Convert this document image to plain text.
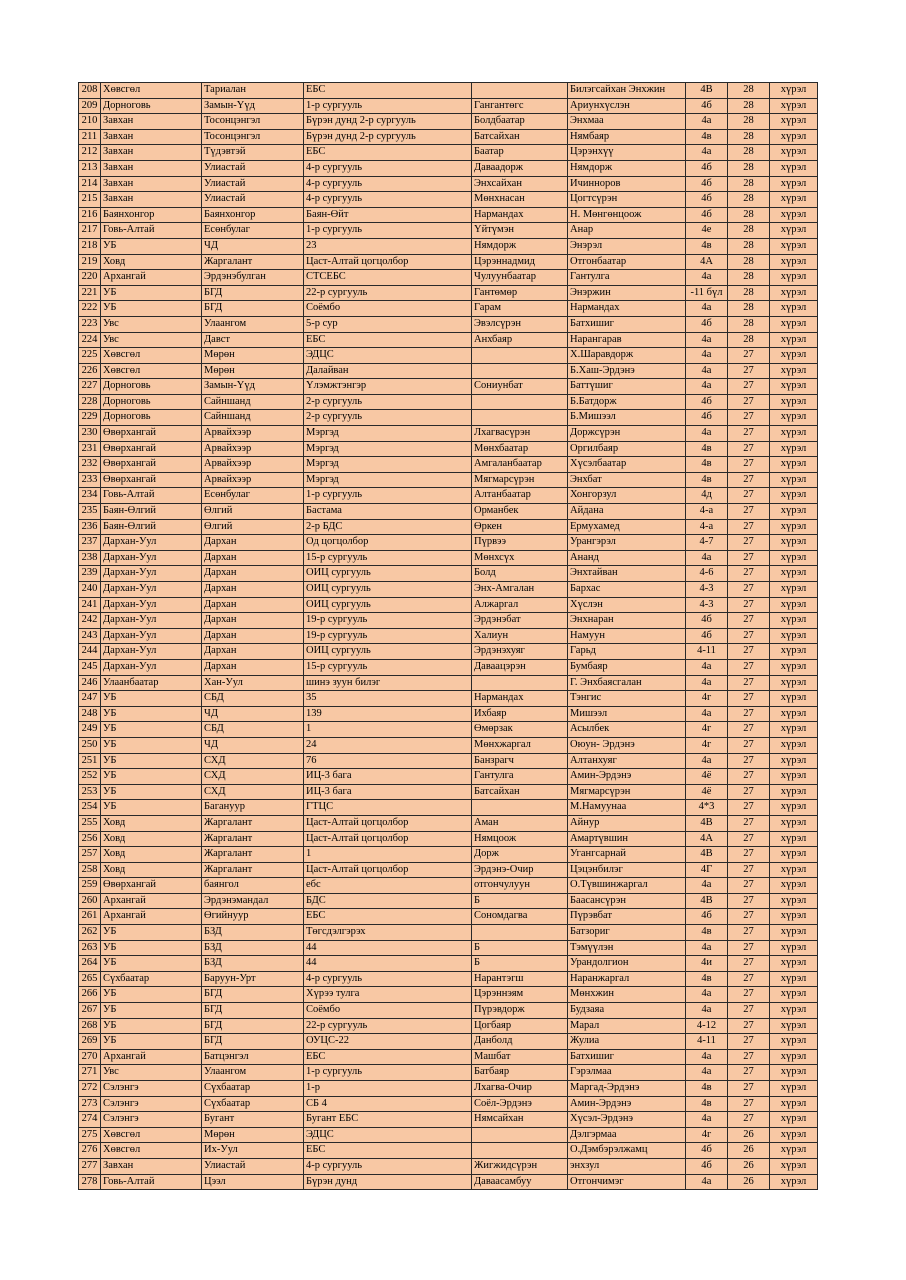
208	Хөвсгөл	Тариалан	ЕБС		Билэгсайхан Энхжин	4В	28	хүрэл
209	Дорноговь	Замын-Үүд	1-р сургууль	Гангантөгс	Ариунхүслэн	4б	28	хүрэл
210	Завхан	Тосонцэнгэл	Бүрэн дунд 2-р сургууль	Болдбаатар	Энхмаа	4а	28	хүрэл
211	Завхан	Тосонцэнгэл	Бүрэн дунд 2-р сургууль	Батсайхан	Нямбаяр	4в	28	хүрэл
212	Завхан	Түдэвтэй	ЕБС	Баатар	Цэрэнхүү	4а	28	хүрэл
213	Завхан	Улиастай	4-р сургууль	Даваадорж	Нямдорж	4б	28	хүрэл
214	Завхан	Улиастай	4-р сургууль	Энхсайхан	Ичинноров	4б	28	хүрэл
215	Завхан	Улиастай	4-р сургууль	Мөнхнасан	Цогтсүрэн	4б	28	хүрэл
216	Баянхонгор	Баянхонгор	Баян-Өйт	Нармандах	Н. Мөнгөнцоож	4б	28	хүрэл
217	Говь-Алтай	Есөнбулаг	1-р сургууль	Үйтүмэн	Анар	4е	28	хүрэл
218	УБ	ЧД	23	Нямдорж	Энэрэл	4в	28	хүрэл
219	Ховд	Жаргалант	Цаст-Алтай цогцолбор	Цэрэннадмид	Отгонбаатар	4А	28	хүрэл
220	Архангай	Эрдэнэбулган	СТСЕБС	Чулуунбаатар	Гантулга	4а	28	хүрэл
221	УБ	БГД	22-р сургууль	Гантөмөр	Энэржин	-11 бүл	28	хүрэл
222	УБ	БГД	Соёмбо	Гарам	Нармандах	4а	28	хүрэл
223	Увс	Улаангом	5-р сур	Эвэлсүрэн	Батхишиг	4б	28	хүрэл
224	Увс	Давст	ЕБС	Анхбаяр	Нарангарав	4а	28	хүрэл
225	Хөвсгөл	Мөрөн	ЭДЦС		Х.Шаравдорж	4а	27	хүрэл
226	Хөвсгөл	Мөрөн	Далайван		Б.Хаш-Эрдэнэ	4а	27	хүрэл
227	Дорноговь	Замын-Үүд	Үлэмжтэнгэр	Сониунбат	Баттүшиг	4а	27	хүрэл
228	Дорноговь	Сайншанд	2-р сургууль		Б.Батдорж	4б	27	хүрэл
229	Дорноговь	Сайншанд	2-р сургууль		Б.Мишээл	4б	27	хүрэл
230	Өвөрхангай	Арвайхээр	Мэргэд	Лхагвасүрэн	Доржсүрэн	4а	27	хүрэл
231	Өвөрхангай	Арвайхээр	Мэргэд	Мөнхбаатар	Оргилбаяр	4в	27	хүрэл
232	Өвөрхангай	Арвайхээр	Мэргэд	Амгаланбаатар	Хүсэлбаатар	4в	27	хүрэл
233	Өвөрхангай	Арвайхээр	Мэргэд	Мягмарсүрэн	Энхбат	4в	27	хүрэл
234	Говь-Алтай	Есөнбулаг	1-р сургууль	Алтанбаатар	Хонгорзул	4д	27	хүрэл
235	Баян-Өлгий	Өлгий	Бастама	Орманбек	Айдана	4-а	27	хүрэл
236	Баян-Өлгий	Өлгий	2-р БДС	Өркен	Ермухамед	4-а	27	хүрэл
237	Дархан-Уул	Дархан	Од цогцолбор	Пүрвээ	Урангэрэл	4-7	27	хүрэл
238	Дархан-Уул	Дархан	15-р сургууль	Мөнхсүх	Ананд	4а	27	хүрэл
239	Дархан-Уул	Дархан	ОИЦ сургууль	Болд	Энхтайван	4-6	27	хүрэл
240	Дархан-Уул	Дархан	ОИЦ сургууль	Энх-Амгалан	Бархас	4-3	27	хүрэл
241	Дархан-Уул	Дархан	ОИЦ сургууль	Алжаргал	Хүслэн	4-3	27	хүрэл
242	Дархан-Уул	Дархан	19-р сургууль	Эрдэнэбат	Энхнаран	4б	27	хүрэл
243	Дархан-Уул	Дархан	19-р сургууль	Халиун	Намуун	4б	27	хүрэл
244	Дархан-Уул	Дархан	ОИЦ сургууль	Эрдэнэхуяг	Гарьд	4-11	27	хүрэл
245	Дархан-Уул	Дархан	15-р сургууль	Даваацэрэн	Бумбаяр	4а	27	хүрэл
246	Улаанбаатар	Хан-Уул	шинэ зуун билэг		Г. Энхбаясгалан	4а	27	хүрэл
247	УБ	СБД	35	Нармандах	Тэнгис	4г	27	хүрэл
248	УБ	ЧД	139	Ихбаяр	Мишээл	4а	27	хүрэл
249	УБ	СБД	1	Өмөрзак	Асылбек	4г	27	хүрэл
250	УБ	ЧД	24	Мөнхжаргал	Оюун- Эрдэнэ	4г	27	хүрэл
251	УБ	СХД	76	Банзрагч	Алтанхуяг	4а	27	хүрэл
252	УБ	СХД	ИЦ-3 бага	Гантулга	Амин-Эрдэнэ	4ё	27	хүрэл
253	УБ	СХД	ИЦ-3 бага	Батсайхан	Мягмарсүрэн	4ё	27	хүрэл
254	УБ	Багануур	ГТЦС		М.Намуунаа	4*3	27	хүрэл
255	Ховд	Жаргалант	Цаст-Алтай цогцолбор	Аман	Айнур	4В	27	хүрэл
256	Ховд	Жаргалант	Цаст-Алтай цогцолбор	Нямцоож	Амартүвшин	4А	27	хүрэл
257	Ховд	Жаргалант	1	Дорж	Угангсарнай	4В	27	хүрэл
258	Ховд	Жаргалант	Цаст-Алтай цогцолбор	Эрдэнэ-Очир	Цэцэнбилэг	4Г	27	хүрэл
259	Өвөрхангай	баянгол	ебс	отгончулуун	О.Түвшинжаргал	4а	27	хүрэл
260	Архангай	Эрдэнэмандал	БДС	Б	Баасансүрэн	4В	27	хүрэл
261	Архангай	Өгийнуур	ЕБС	Сономдагва	Пүрэвбат	4б	27	хүрэл
262	УБ	БЗД	Төгсдэлгэрэх		Батзориг	4в	27	хүрэл
263	УБ	БЗД	44	Б	Тэмүүлэн	4а	27	хүрэл
264	УБ	БЗД	44	Б	Урандолгион	4и	27	хүрэл
265	Сүхбаатар	Баруун-Урт	4-р сургууль	Нарантэгш	Наранжаргал	4в	27	хүрэл
266	УБ	БГД	Хүрээ тулга	Цэрэннэям	Мөнхжин	4а	27	хүрэл
267	УБ	БГД	Соёмбо	Пүрэвдорж	Будзаяа	4а	27	хүрэл
268	УБ	БГД	22-р сургууль	Цогбаяр	Марал	4-12	27	хүрэл
269	УБ	БГД	ОУЦС-22	Данболд	Жулиа	4-11	27	хүрэл
270	Архангай	Батцэнгэл	ЕБС	Машбат	Батхишиг	4а	27	хүрэл
271	Увс	Улаангом	1-р сургууль	Батбаяр	Гэрэлмаа	4а	27	хүрэл
272	Сэлэнгэ	Сүхбаатар	1-р	Лхагва-Очир	Маргад-Эрдэнэ	4в	27	хүрэл
273	Сэлэнгэ	Сүхбаатар	СБ 4	Соёл-Эрдэнэ	Амин-Эрдэнэ	4в	27	хүрэл
274	Сэлэнгэ	Бугант	Бугант ЕБС	Нямсайхан	Хүсэл-Эрдэнэ	4а	27	хүрэл
275	Хөвсгөл	Мөрөн	ЭДЦС		Дэлгэрмаа	4г	26	хүрэл
276	Хөвсгөл	Их-Уул	ЕБС		О.Дэмбэрэлжамц	4б	26	хүрэл
277	Завхан	Улиастай	4-р сургууль	Жигжидсүрэн	энхзул	4б	26	хүрэл
278	Говь-Алтай	Цээл	Бүрэн дунд	Даваасамбуу	Отгончимэг	4а	26	хүрэл
